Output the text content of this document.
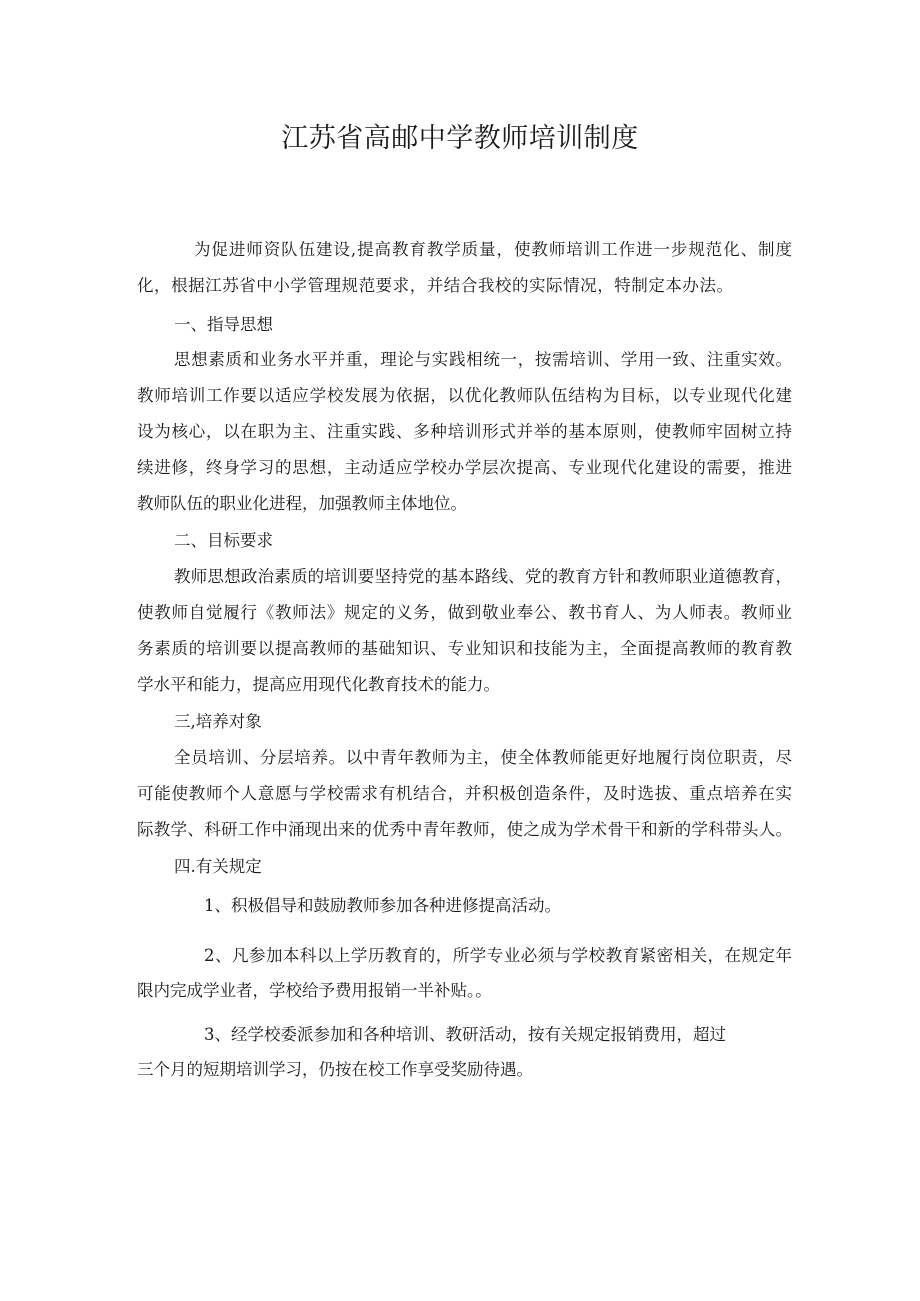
江苏省高邮中学教师培训制度
为促进师资队伍建设,提高教育教学质量，使教师培训工作进一步规范化、制度
化，根据江苏省中小学管理规范要求，并结合我校的实际情况，特制定本办法。
一、指导思想
思想素质和业务水平并重，理论与实践相统一，按需培训、学用一致、注重实效。
教师培训工作要以适应学校发展为依据，以优化教师队伍结构为目标，以专业现代化建
设为核心，以在职为主、注重实践、多种培训形式并举的基本原则，使教师牢固树立持
续进修，终身学习的思想，主动适应学校办学层次提高、专业现代化建设的需要，推进
教师队伍的职业化进程，加强教师主体地位。
二、目标要求
教师思想政治素质的培训要坚持党的基本路线、党的教育方针和教师职业道德教育，
使教师自觉履行《教师法》规定的义务，做到敬业奉公、教书育人、为人师表。教师业
务素质的培训要以提高教师的基础知识、专业知识和技能为主，全面提高教师的教育教
学水平和能力，提高应用现代化教育技术的能力。
三,培养对象
全员培训、分层培养。以中青年教师为主，使全体教师能更好地履行岗位职责，尽
可能使教师个人意愿与学校需求有机结合，并积极创造条件，及时选拔、重点培养在实
际教学、科研工作中涌现出来的优秀中青年教师，使之成为学术骨干和新的学科带头人。
四.有关规定
1、积极倡导和鼓励教师参加各种进修提高活动。
2、凡参加本科以上学历教育的，所学专业必须与学校教育紧密相关，在规定年
限内完成学业者，学校给予费用报销一半补贴。。
3、经学校委派参加和各种培训、教研活动，按有关规定报销费用，超过
三个月的短期培训学习，仍按在校工作享受奖励待遇。
